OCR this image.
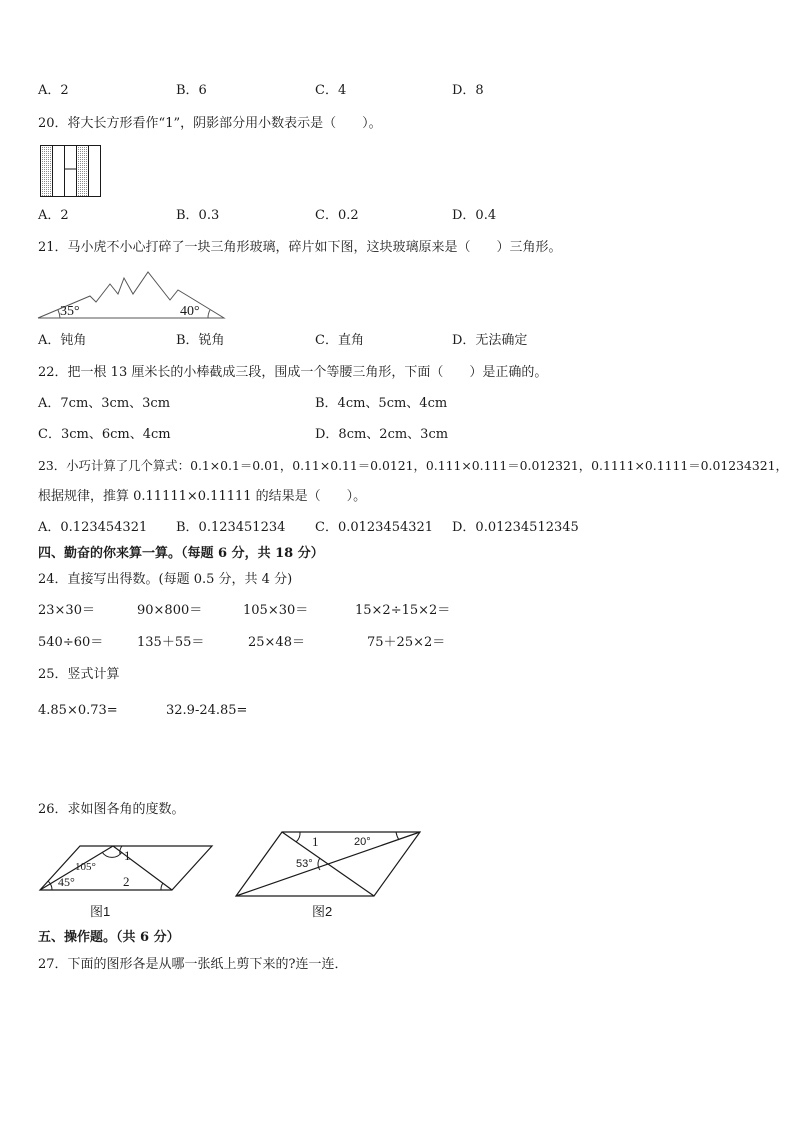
A．2	B．6	C．4	D．8
20．将大长方形看作“1”，阴影部分用小数表示是（　　）。
A．2	B．0.3	C．0.2	D．0.4
21．马小虎不小心打碎了一块三角形玻璃，碎片如下图，这块玻璃原来是（　　）三角形。
35°	40°
A．钝角	B．锐角	C．直角	D．无法确定
22．把一根 13 厘米长的小棒截成三段，围成一个等腰三角形，下面（　　）是正确的。
A．7cm、3cm、3cm	B．4cm、5cm、4cm
C．3cm、6cm、4cm	D．8cm、2cm、3cm
23．小巧计算了几个算式：0.1×0.1＝0.01，0.11×0.11＝0.0121，0.111×0.111＝0.012321，0.1111×0.1111＝0.01234321，
根据规律，推算 0.11111×0.11111 的结果是（　　）。
A．0.123454321 B．0.123451234 C．0.0123454321 D．0.01234512345
四、勤奋的你来算一算。（每题 6 分，共 18 分）
24．直接写出得数。(每题 0.5 分，共 4 分)
23×30＝	90×800＝	105×30＝	15×2÷15×2＝
540÷60＝	135＋55＝	25×48＝	75＋25×2＝
25．竖式计算
4.85×0.73=	32.9-24.85=
26．求如图各角的度数。
105°
45°
1
2
图1
1	20°
53°
图2
五、操作题。（共 6 分）
27．下面的图形各是从哪一张纸上剪下来的?连一连．
